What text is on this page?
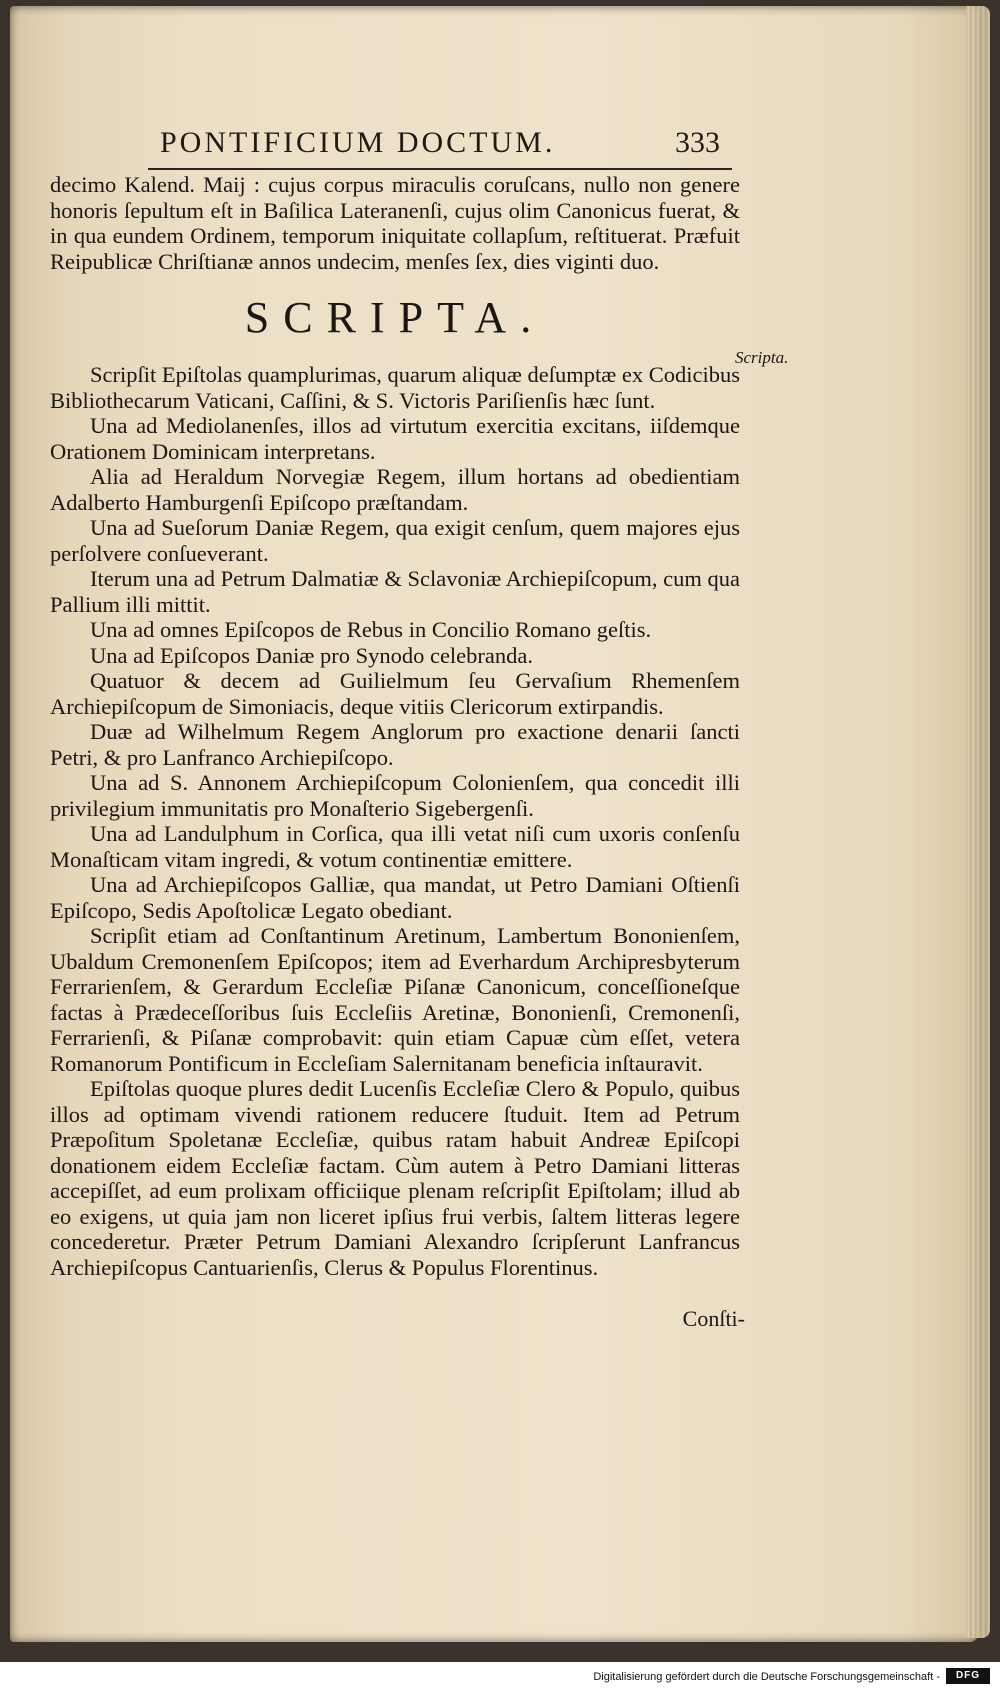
PONTIFICIUM DOCTUM.	333

decimo Kalend. Maij : cujus corpus miraculis coruſcans, nullo non genere honoris ſepultum eſt in Baſilica Lateranenſi, cujus olim Canonicus fuerat, & in qua eundem Ordinem, temporum iniquitate collapſum, reſtituerat. Præfuit Reipublicæ Chriſtianæ annos undecim, menſes ſex, dies viginti duo.

SCRIPTA.

Scripſit Epiſtolas quamplurimas, quarum aliquæ deſumptæ ex Codicibus Bibliothecarum Vaticani, Caſſini, & S. Victoris Pariſienſis hæc ſunt.

Una ad Mediolanenſes, illos ad virtutum exercitia excitans, iiſdemque Orationem Dominicam interpretans.

Alia ad Heraldum Norvegiæ Regem, illum hortans ad obedientiam Adalberto Hamburgenſi Epiſcopo præſtandam.

Una ad Sueſorum Daniæ Regem, qua exigit cenſum, quem majores ejus perſolvere conſueverant.

Iterum una ad Petrum Dalmatiæ & Sclavoniæ Archiepiſcopum, cum qua Pallium illi mittit.

Una ad omnes Epiſcopos de Rebus in Concilio Romano geſtis.

Una ad Epiſcopos Daniæ pro Synodo celebranda.

Quatuor & decem ad Guilielmum ſeu Gervaſium Rhemenſem Archiepiſcopum de Simoniacis, deque vitiis Clericorum extirpandis.

Duæ ad Wilhelmum Regem Anglorum pro exactione denarii ſancti Petri, & pro Lanfranco Archiepiſcopo.

Una ad S. Annonem Archiepiſcopum Colonienſem, qua concedit illi privilegium immunitatis pro Monaſterio Sigebergenſi.

Una ad Landulphum in Corſica, qua illi vetat niſi cum uxoris conſenſu Monaſticam vitam ingredi, & votum continentiæ emittere.

Una ad Archiepiſcopos Galliæ, qua mandat, ut Petro Damiani Oſtienſi Epiſcopo, Sedis Apoſtolicæ Legato obediant.

Scripſit etiam ad Conſtantinum Aretinum, Lambertum Bononienſem, Ubaldum Cremonenſem Epiſcopos; item ad Everhardum Archipresbyterum Ferrarienſem, & Gerardum Eccleſiæ Piſanæ Canonicum, conceſſioneſque factas à Prædeceſſoribus ſuis Eccleſiis Aretinæ, Bononienſi, Cremonenſi, Ferrarienſi, & Piſanæ comprobavit: quin etiam Capuæ cùm eſſet, vetera Romanorum Pontificum in Eccleſiam Salernitanam beneficia inſtauravit.

Epiſtolas quoque plures dedit Lucenſis Eccleſiæ Clero & Populo, quibus illos ad optimam vivendi rationem reducere ſtuduit. Item ad Petrum Præpoſitum Spoletanæ Eccleſiæ, quibus ratam habuit Andreæ Epiſcopi donationem eidem Eccleſiæ factam. Cùm autem à Petro Damiani litteras accepiſſet, ad eum prolixam officiique plenam reſcripſit Epiſtolam; illud ab eo exigens, ut quia jam non liceret ipſius frui verbis, ſaltem litteras legere concederetur. Præter Petrum Damiani Alexandro ſcripſerunt Lanfrancus Archiepiſcopus Cantuarienſis, Clerus & Populus Florentinus.

Scripta.
Conſti-
Digitalisierung gefördert durch die Deutsche Forschungsgemeinschaft -	DFG
